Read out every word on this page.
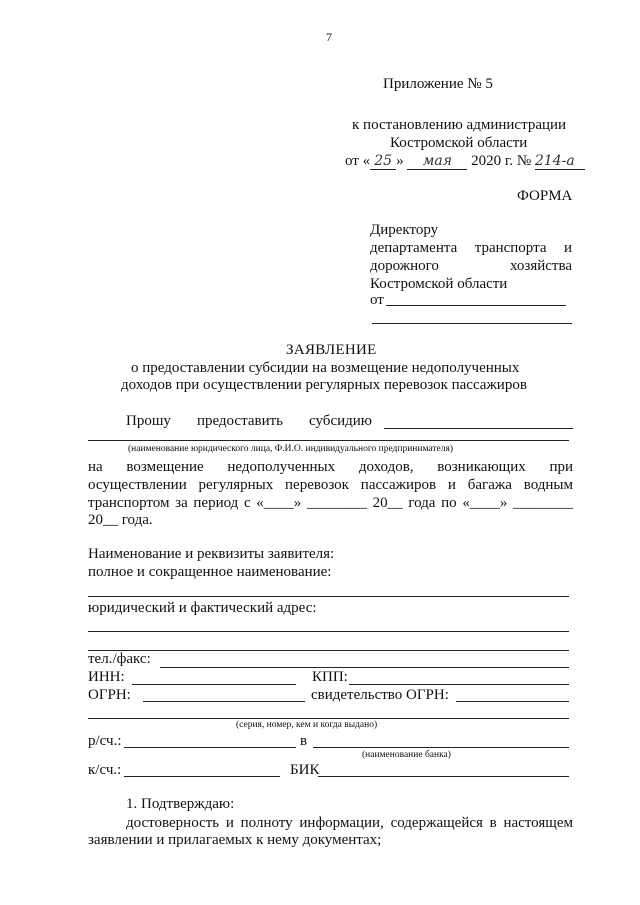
7
Приложение № 5
к постановлению администрации
Костромской области
от « 25 » мая 2020 г. № 214-а
ФОРМА
Директору
департамента транспорта и
дорожного хозяйства
Костромской области
от
ЗАЯВЛЕНИЕ
о предоставлении субсидии на возмещение недополученных
доходов при осуществлении регулярных перевозок пассажиров
Прошу предоставить субсидию
(наименование юридического лица, Ф.И.О. индивидуального предпринимателя)
на возмещение недополученных доходов, возникающих при
осуществлении регулярных перевозок пассажиров и багажа водным
транспортом за период с «____» ________ 20__ года по «____» ________
20__ года.
Наименование и реквизиты заявителя:
полное и сокращенное наименование:
юридический и фактический адрес:
тел./факс:
ИНН:	КПП:
ОГРН:	свидетельство ОГРН:
(серия, номер, кем и когда выдано)
р/сч.:	в
(наименование банка)
к/сч.:	БИК
1. Подтверждаю:
достоверность и полноту информации, содержащейся в настоящем
заявлении и прилагаемых к нему документах;
